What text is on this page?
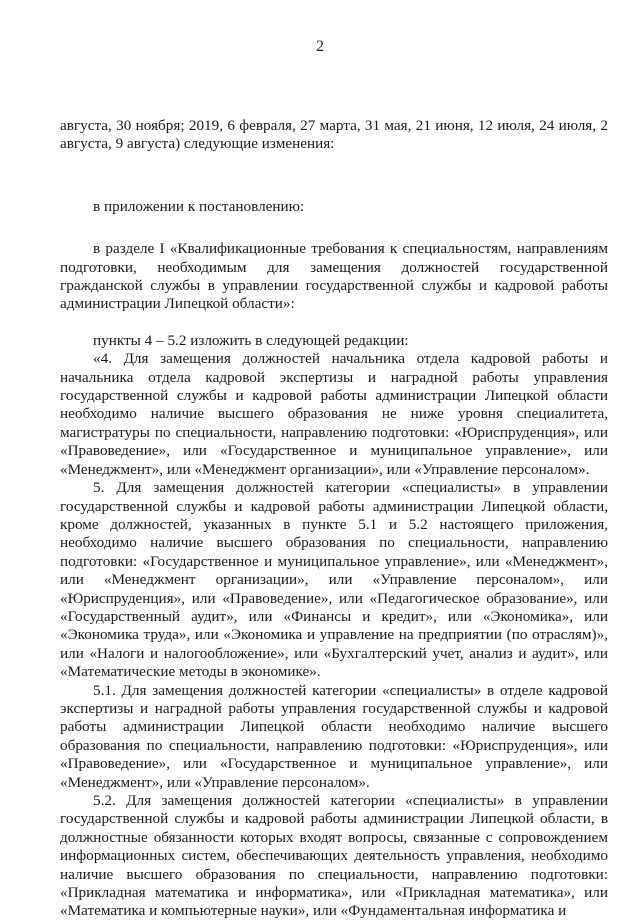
2

августа, 30 ноября; 2019, 6 февраля, 27 марта, 31 мая, 21 июня, 12 июля, 24 июля, 2 августа, 9 августа) следующие изменения:

в приложении к постановлению:

в разделе I «Квалификационные требования к специальностям, направлениям подготовки, необходимым для замещения должностей государственной гражданской службы в управлении государственной службы и кадровой работы администрации Липецкой области»:

пункты 4 – 5.2 изложить в следующей редакции:

«4. Для замещения должностей начальника отдела кадровой работы и начальника отдела кадровой экспертизы и наградной работы управления государственной службы и кадровой работы администрации Липецкой области необходимо наличие высшего образования не ниже уровня специалитета, магистратуры по специальности, направлению подготовки: «Юриспруденция», или «Правоведение», или «Государственное и муниципальное управление», или «Менеджмент», или «Менеджмент организации», или «Управление персоналом».

5. Для замещения должностей категории «специалисты» в управлении государственной службы и кадровой работы администрации Липецкой области, кроме должностей, указанных в пункте 5.1 и 5.2 настоящего приложения, необходимо наличие высшего образования по специальности, направлению подготовки: «Государственное и муниципальное управление», или «Менеджмент», или «Менеджмент организации», или «Управление персоналом», или «Юриспруденция», или «Правоведение», или «Педагогическое образование», или «Государственный аудит», или «Финансы и кредит», или «Экономика», или «Экономика труда», или «Экономика и управление на предприятии (по отраслям)», или «Налоги и налогообложение», или «Бухгалтерский учет, анализ и аудит», или «Математические методы в экономике».

5.1. Для замещения должностей категории «специалисты» в отделе кадровой экспертизы и наградной работы управления государственной службы и кадровой работы администрации Липецкой области необходимо наличие высшего образования по специальности, направлению подготовки: «Юриспруденция», или «Правоведение», или «Государственное и муниципальное управление», или «Менеджмент», или «Управление персоналом».

5.2. Для замещения должностей категории «специалисты» в управлении государственной службы и кадровой работы администрации Липецкой области, в должностные обязанности которых входят вопросы, связанные с сопровождением информационных систем, обеспечивающих деятельность управления, необходимо наличие высшего образования по специальности, направлению подготовки: «Прикладная математика и информатика», или «Прикладная математика», или «Математика и компьютерные науки», или «Фундаментальная информатика и
